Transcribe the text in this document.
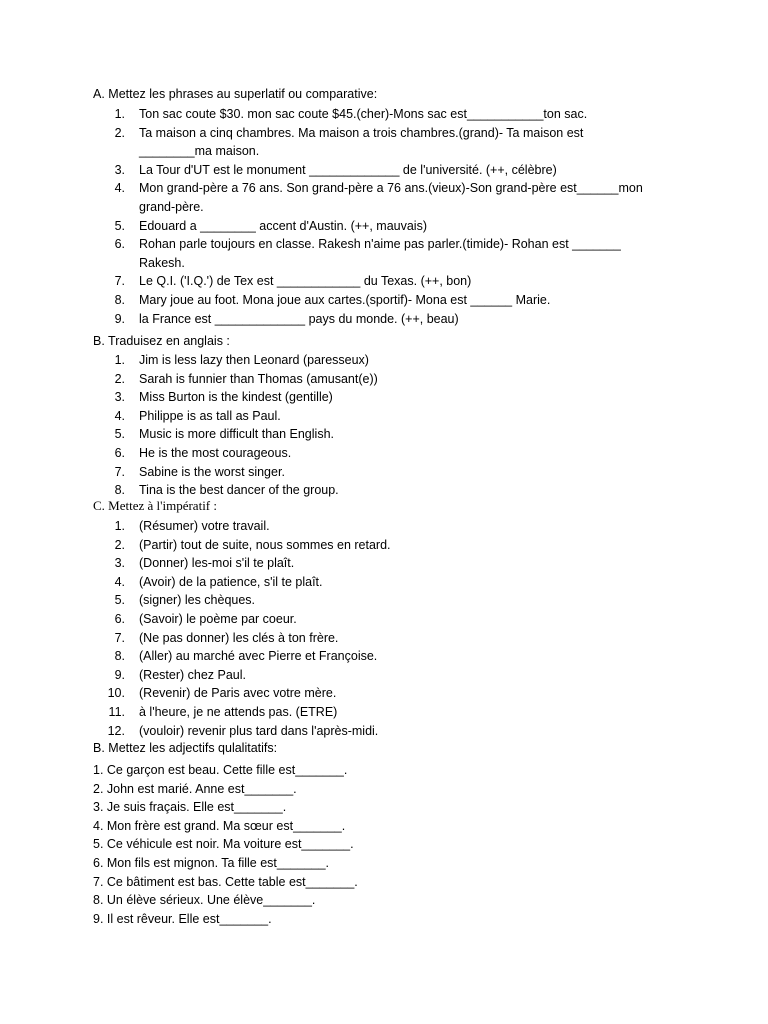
A. Mettez les phrases au superlatif ou comparative:
1. Ton sac coute $30. mon sac coute $45.(cher)-Mons sac est___________ton sac.
2. Ta maison a cinq chambres. Ma maison a trois chambres.(grand)- Ta maison est ________ma maison.
3. La Tour d'UT est le monument _____________ de l'université. (++, célèbre)
4. Mon grand-père a 76 ans. Son grand-père a 76 ans.(vieux)-Son grand-père est______mon grand-père.
5. Edouard a ________ accent d'Austin. (++, mauvais)
6. Rohan parle toujours en classe. Rakesh n'aime pas parler.(timide)- Rohan est _______ Rakesh.
7. Le Q.I. ('I.Q.') de Tex est ____________ du Texas. (++, bon)
8. Mary joue au foot. Mona joue aux cartes.(sportif)- Mona est ______ Marie.
9. la France est _____________ pays du monde. (++, beau)
B. Traduisez en anglais :
1. Jim is less lazy then Leonard (paresseux)
2. Sarah is funnier than Thomas (amusant(e))
3. Miss Burton is the kindest (gentille)
4. Philippe is as tall as Paul.
5. Music is more difficult than English.
6. He is the most courageous.
7. Sabine is the worst singer.
8. Tina is the best dancer of the group.
C. Mettez à l'impératif :
1. (Résumer) votre travail.
2. (Partir) tout de suite, nous sommes en retard.
3. (Donner) les-moi s'il te plaît.
4. (Avoir) de la patience, s'il te plaît.
5. (signer) les chèques.
6. (Savoir) le poème par coeur.
7. (Ne pas donner) les clés à ton frère.
8. (Aller) au marché avec Pierre et Françoise.
9. (Rester) chez Paul.
10. (Revenir) de Paris avec votre mère.
11. à l'heure, je ne attends pas. (ETRE)
12. (vouloir) revenir plus tard dans l'après-midi.
B. Mettez les adjectifs qulalitatifs:
1. Ce garçon est beau. Cette fille est_______.
2. John est marié. Anne est_______.
3. Je suis fraçais. Elle est_______.
4. Mon frère est grand. Ma sœur est_______.
5. Ce véhicule est noir. Ma voiture est_______.
6. Mon fils est mignon. Ta fille est_______.
7. Ce bâtiment est bas. Cette table est_______.
8. Un élève sérieux. Une élève_______.
9. Il est rêveur. Elle est_______.
